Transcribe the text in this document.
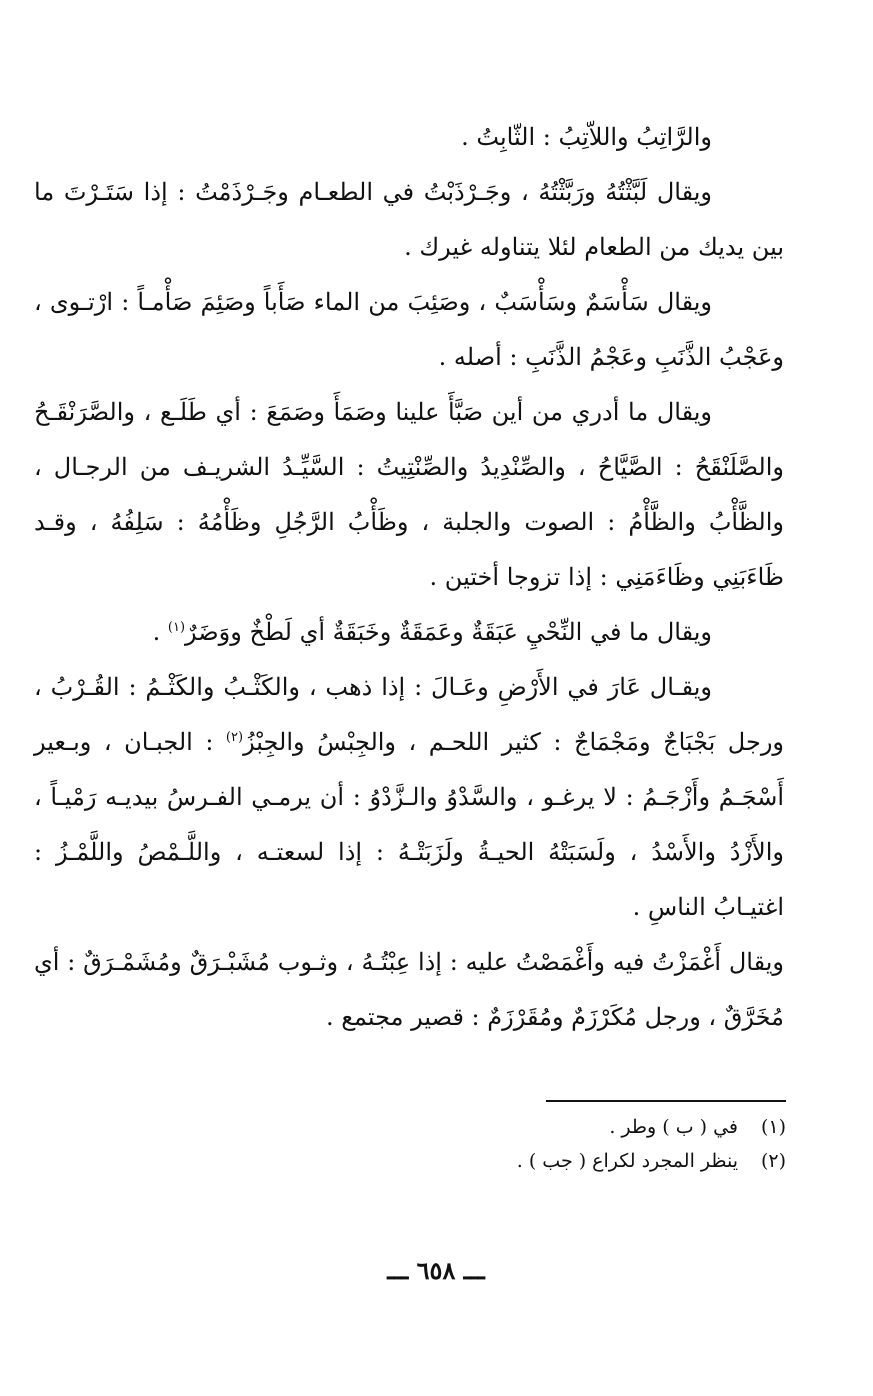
والرَّاتِبُ واللاّتِبُ : الثّابِتُ .

ويقال لَبَّثْتُهُ ورَبَّثْتُهُ ، وجَـرْذَبْتُ في الطعـام وجَـرْذَمْتُ : إذا سَتَـرْتَ ما بين يديك من الطعام لئلا يتناوله غيرك .

ويقال سَأْسَمٌ وسَأْسَبٌ ، وصَئِبَ من الماء صَأَباً وصَئِمَ صَأْمـاً : ارْتـوى ، وعَجْبُ الذَّنَبِ وعَجْمُ الذَّنَبِ : أصله .

ويقال ما أدري من أين صَبَّأَ علينا وصَمَأَ وصَمَعَ : أي طَلَـع ، والصَّرَنْقَـحُ والصَّلَنْقَحُ : الصَّيَّاحُ ، والصِّنْدِيدُ والصِّنْتِيتُ : السَّيِّـدُ الشريـف من الرجـال ، والظَّأْبُ والظَّأْمُ : الصوت والجلبة ، وظَأْبُ الرَّجُلِ وظَأْمُهُ : سَلِفُهُ ، وقـد ظَاءَبَنِي وظَاءَمَنِي : إذا تزوجا أختين .

ويقال ما في النِّحْيِ عَبَقَةٌ وعَمَقَةٌ وخَبَقَةٌ أي لَطْخٌ ووَضَرٌ$^{(١)}$ .

ويقـال عَارَ في الأَرْضِ وعَـالَ : إذا ذهب ، والكَثْـبُ والكَثْـمُ : القُـرْبُ ، ورجل بَجْبَاجٌ ومَجْمَاجٌ : كثير اللحـم ، والجِبْسُ والجِبْزُ$^{(٢)}$ : الجبـان ، وبـعير أَسْجَـمُ وأَزْجَـمُ : لا يرغـو ، والسَّدْوُ والـزَّدْوُ : أن يرمـي الفـرسُ بيديـه رَمْيـاً ، والأَزْدُ والأَسْدُ ، ولَسَبَتْهُ الحيـةُ ولَزَبَتْـهُ : إذا لسعتـه ، واللَّـمْصُ واللَّمْـزُ : اغتيـابُ الناسِ .

ويقال أَغْمَزْتُ فيه وأَغْمَصْتُ عليه : إذا عِبْتُـهُ ، وثـوب مُشَبْـرَقٌ ومُشَمْـرَقٌ : أي مُخَرَّقٌ ، ورجل مُكَرْزَمٌ ومُقَرْزَمٌ : قصير مجتمع .

(١)في ( ب ) وطر .

(٢)ينظر المجرد لكراع ( جب ) .

ـــ ٦٥٨ ـــ
